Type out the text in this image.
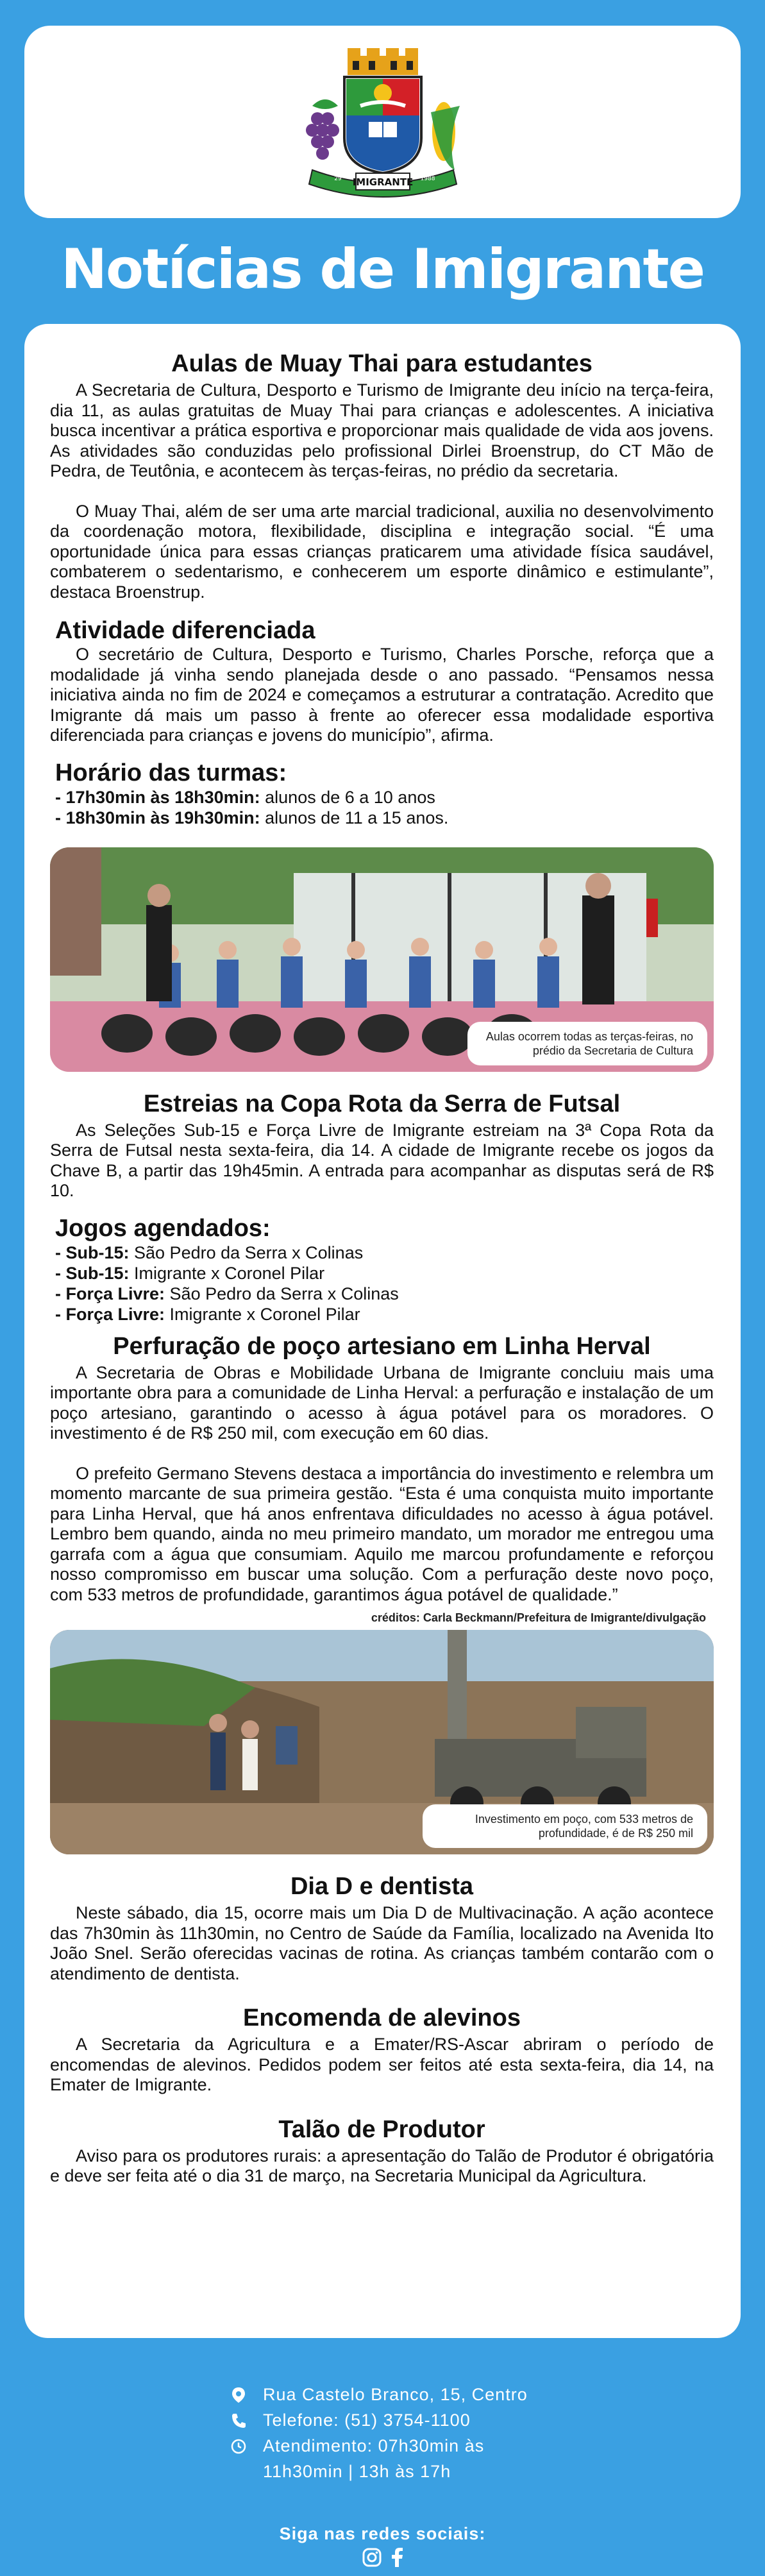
IMIGRANTE
29	1988
Notícias de Imigrante
Aulas de Muay Thai para estudantes

A Secretaria de Cultura, Desporto e Turismo de Imigrante deu início na terça-feira, dia 11, as aulas gratuitas de Muay Thai para crianças e adolescentes. A iniciativa busca incentivar a prática esportiva e proporcionar mais qualidade de vida aos jovens. As atividades são conduzidas pelo profissional Dirlei Broenstrup, do CT Mão de Pedra, de Teutônia, e acontecem às terças-feiras, no prédio da secretaria.

O Muay Thai, além de ser uma arte marcial tradicional, auxilia no desenvolvimento da coordenação motora, flexibilidade, disciplina e integração social. “É uma oportunidade única para essas crianças praticarem uma atividade física saudável, combaterem o sedentarismo, e conhecerem um esporte dinâmico e estimulante”, destaca Broenstrup.

Atividade diferenciada

O secretário de Cultura, Desporto e Turismo, Charles Porsche, reforça que a modalidade já vinha sendo planejada desde o ano passado. “Pensamos nessa iniciativa ainda no fim de 2024 e começamos a estruturar a contratação. Acredito que Imigrante dá mais um passo à frente ao oferecer essa modalidade esportiva diferenciada para crianças e jovens do município”, afirma.

Horário das turmas:
- 17h30min às 18h30min: alunos de 6 a 10 anos
- 18h30min às 19h30min: alunos de 11 a 15 anos.
Aulas ocorrem todas as terças-feiras, no prédio da Secretaria de Cultura
Estreias na Copa Rota da Serra de Futsal

As Seleções Sub-15 e Força Livre de Imigrante estreiam na 3ª Copa Rota da Serra de Futsal nesta sexta-feira, dia 14. A cidade de Imigrante recebe os jogos da Chave B, a partir das 19h45min. A entrada para acompanhar as disputas será de R$ 10.

Jogos agendados:
- Sub-15: São Pedro da Serra x Colinas
- Sub-15: Imigrante x Coronel Pilar
- Força Livre: São Pedro da Serra x Colinas
- Força Livre: Imigrante x Coronel Pilar
Perfuração de poço artesiano em Linha Herval

A Secretaria de Obras e Mobilidade Urbana de Imigrante concluiu mais uma importante obra para a comunidade de Linha Herval: a perfuração e instalação de um poço artesiano, garantindo o acesso à água potável para os moradores. O investimento é de R$ 250 mil, com execução em 60 dias.

O prefeito Germano Stevens destaca a importância do investimento e relembra um momento marcante de sua primeira gestão. “Esta é uma conquista muito importante para Linha Herval, que há anos enfrentava dificuldades no acesso à água potável. Lembro bem quando, ainda no meu primeiro mandato, um morador me entregou uma garrafa com a água que consumiam. Aquilo me marcou profundamente e reforçou nosso compromisso em buscar uma solução. Com a perfuração deste novo poço, com 533 metros de profundidade, garantimos água potável de qualidade.”

créditos: Carla Beckmann/Prefeitura de Imigrante/divulgação
Investimento em poço, com 533 metros de profundidade, é de R$ 250 mil
Dia D e dentista

Neste sábado, dia 15, ocorre mais um Dia D de Multivacinação. A ação acontece das 7h30min às 11h30min, no Centro de Saúde da Família, localizado na Avenida Ito João Snel. Serão oferecidas vacinas de rotina. As crianças também contarão com o atendimento de dentista.

Encomenda de alevinos

A Secretaria da Agricultura e a Emater/RS-Ascar abriram o período de encomendas de alevinos. Pedidos podem ser feitos até esta sexta-feira, dia 14, na Emater de Imigrante.

Talão de Produtor

Aviso para os produtores rurais: a apresentação do Talão de Produtor é obrigatória e deve ser feita até o dia 31 de março, na Secretaria Municipal da Agricultura.

Rua Castelo Branco, 15, Centro
Telefone: (51) 3754-1100
Atendimento: 07h30min às
11h30min | 13h às 17h
Siga nas redes sociais:
